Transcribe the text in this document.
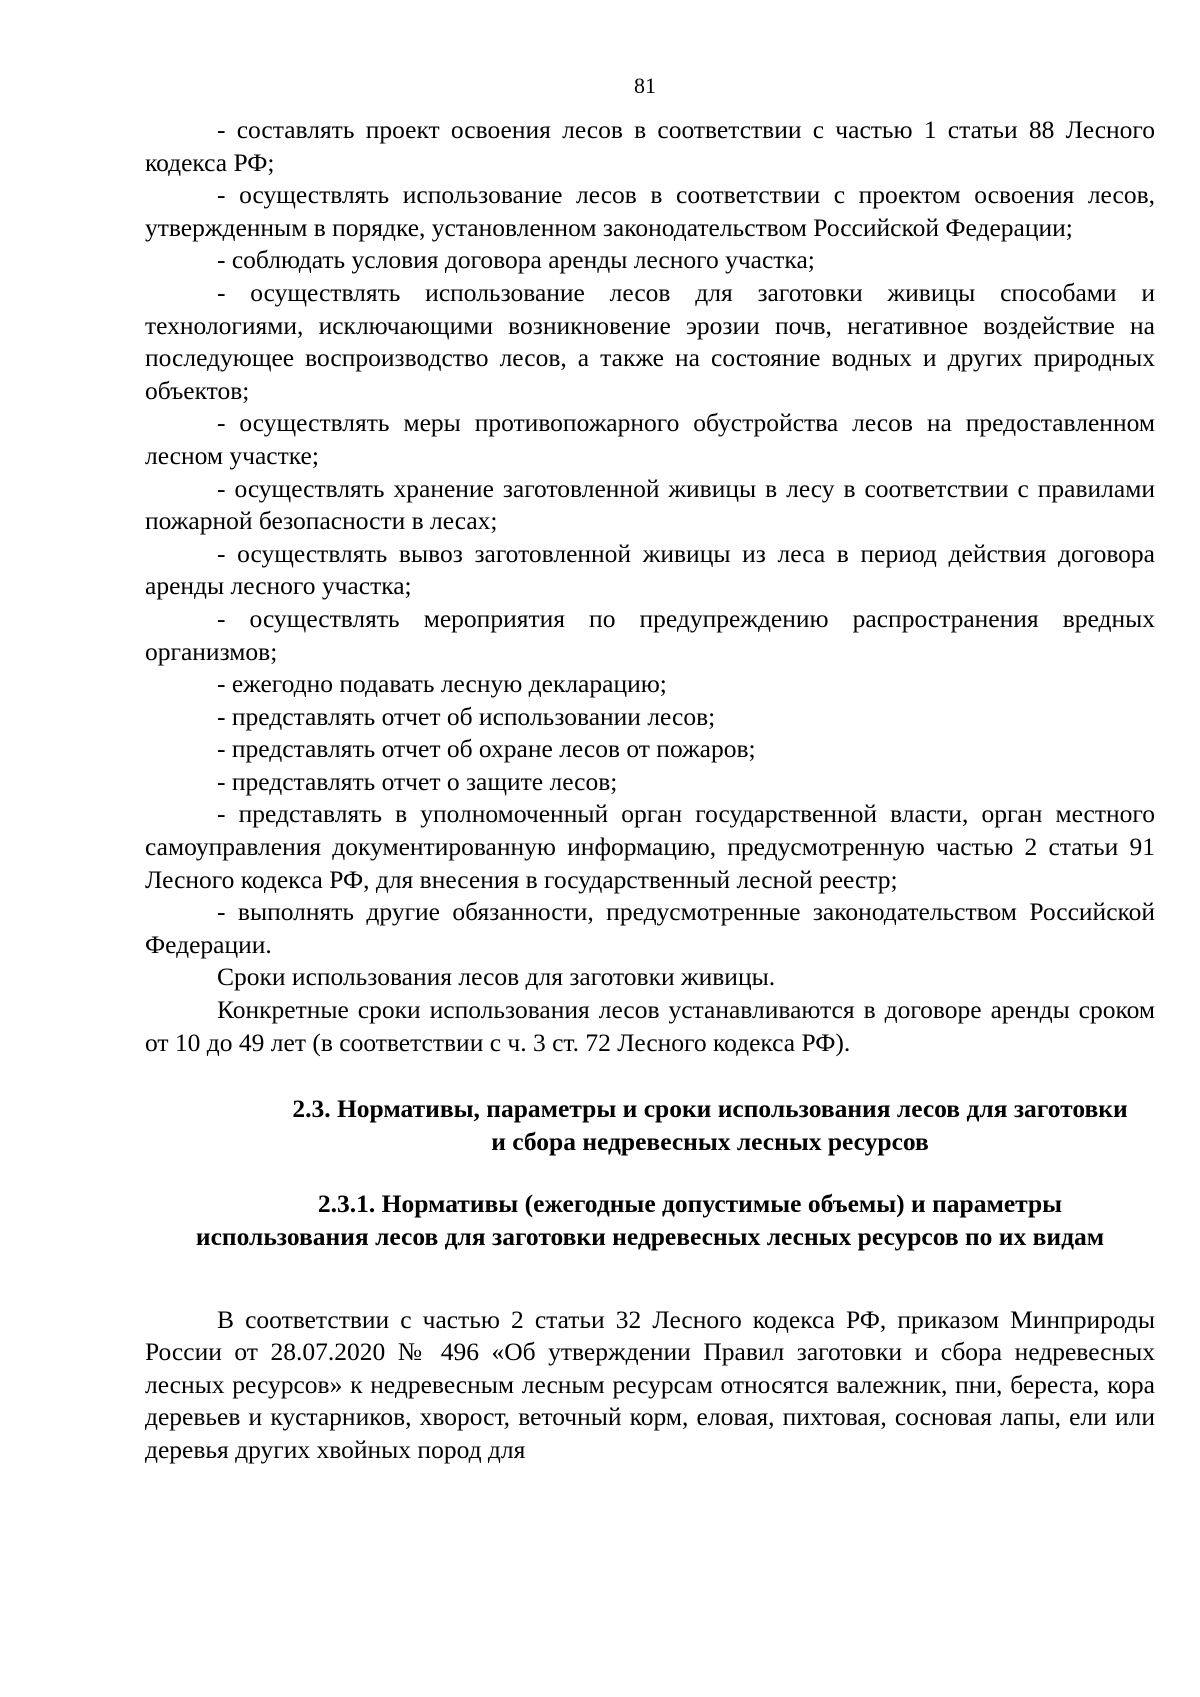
81

- составлять проект освоения лесов в соответствии с частью 1 статьи 88 Лесного кодекса РФ;

- осуществлять использование лесов в соответствии с проектом освоения лесов, утвержденным в порядке, установленном законодательством Российской Федерации;

- соблюдать условия договора аренды лесного участка;

- осуществлять использование лесов для заготовки живицы способами и технологиями, исключающими возникновение эрозии почв, негативное воздействие на последующее воспроизводство лесов, а также на состояние водных и других природных объектов;

- осуществлять меры противопожарного обустройства лесов на предоставленном лесном участке;

- осуществлять хранение заготовленной живицы в лесу в соответствии с правилами пожарной безопасности в лесах;

- осуществлять вывоз заготовленной живицы из леса в период действия договора аренды лесного участка;

- осуществлять мероприятия по предупреждению распространения вредных организмов;

- ежегодно подавать лесную декларацию;

- представлять отчет об использовании лесов;

- представлять отчет об охране лесов от пожаров;

- представлять отчет о защите лесов;

- представлять в уполномоченный орган государственной власти, орган местного самоуправления документированную информацию, предусмотренную частью 2 статьи 91 Лесного кодекса РФ, для внесения в государственный лесной реестр;

- выполнять другие обязанности, предусмотренные законодательством Российской Федерации.

Сроки использования лесов для заготовки живицы.

Конкретные сроки использования лесов устанавливаются в договоре аренды сроком от 10 до 49 лет (в соответствии с ч. 3 ст. 72 Лесного кодекса РФ).

2.3. Нормативы, параметры и сроки использования лесов для заготовки и сбора недревесных лесных ресурсов

2.3.1. Нормативы (ежегодные допустимые объемы) и параметры использования лесов для заготовки недревесных лесных ресурсов по их видам

В соответствии с частью 2 статьи 32 Лесного кодекса РФ, приказом Минприроды России от 28.07.2020 № 496 «Об утверждении Правил заготовки и сбора недревесных лесных ресурсов» к недревесным лесным ресурсам относятся валежник, пни, береста, кора деревьев и кустарников, хворост, веточный корм, еловая, пихтовая, сосновая лапы, ели или деревья других хвойных пород для
